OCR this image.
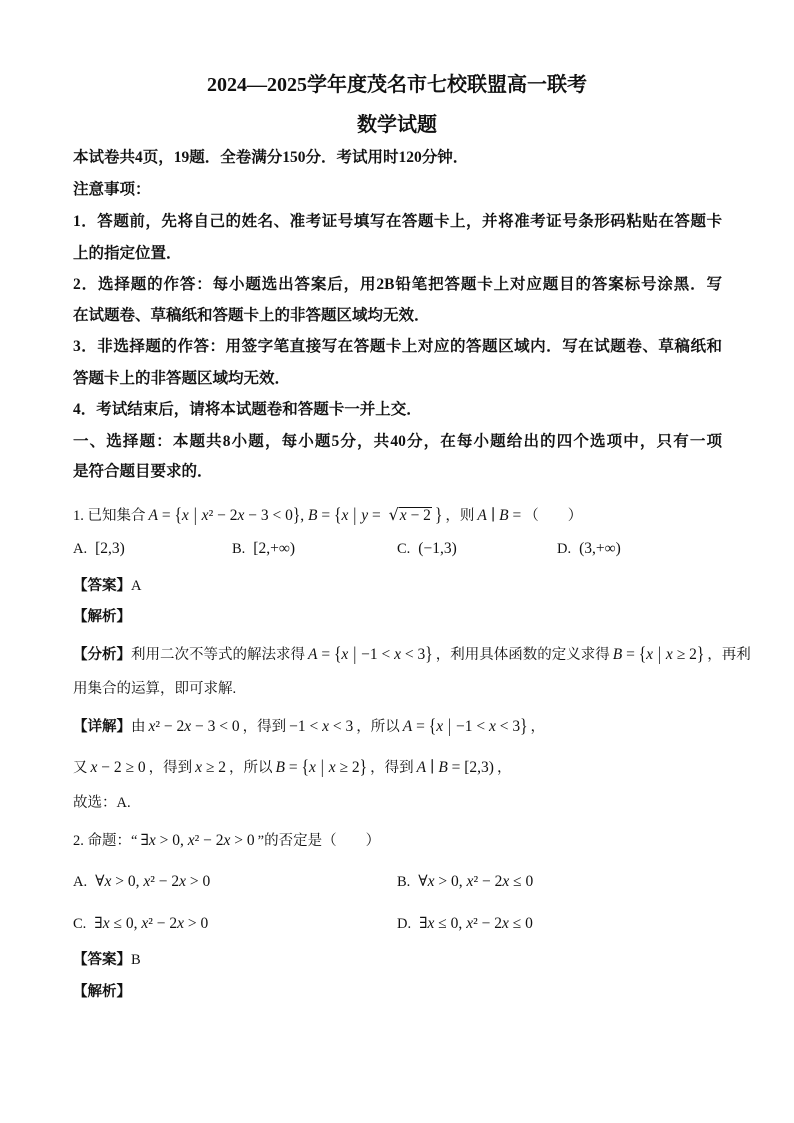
2024—2025学年度茂名市七校联盟高一联考
数学试题
本试卷共4页，19题．全卷满分150分．考试用时120分钟．
注意事项：
1．答题前，先将自己的姓名、准考证号填写在答题卡上，并将准考证号条形码粘贴在答题卡
上的指定位置．
2．选择题的作答：每小题选出答案后，用2B铅笔把答题卡上对应题目的答案标号涂黑．写
在试题卷、草稿纸和答题卡上的非答题区域均无效．
3．非选择题的作答：用签字笔直接写在答题卡上对应的答题区域内．写在试题卷、草稿纸和
答题卡上的非答题区域均无效．
4．考试结束后，请将本试题卷和答题卡一并上交．
一、选择题：本题共8小题，每小题5分，共40分，在每小题给出的四个选项中，只有一项
是符合题目要求的．
1. 已知集合 A = {x | x² − 2x − 3 < 0}, B = {x | y = √x − 2 } ，则 A ∣ B = （　　）
A. [2,3)	B. [2,+∞)	C. (−1,3)	D. (3,+∞)
【答案】A
【解析】
【分析】利用二次不等式的解法求得 A = {x | −1 < x < 3} ，利用具体函数的定义求得 B = {x | x ≥ 2} ，再利
用集合的运算，即可求解.
【详解】由 x² − 2x − 3 < 0 ，得到 −1 < x < 3 ，所以 A = {x | −1 < x < 3} ，
又 x − 2 ≥ 0 ，得到 x ≥ 2 ，所以 B = {x | x ≥ 2} ，得到 A ∣ B = [2,3) ，
故选：A.
2. 命题：“ ∃x > 0, x² − 2x > 0 ”的否定是（　　）
A. ∀x > 0, x² − 2x > 0	B. ∀x > 0, x² − 2x ≤ 0
C. ∃x ≤ 0, x² − 2x > 0	D. ∃x ≤ 0, x² − 2x ≤ 0
【答案】B
【解析】
